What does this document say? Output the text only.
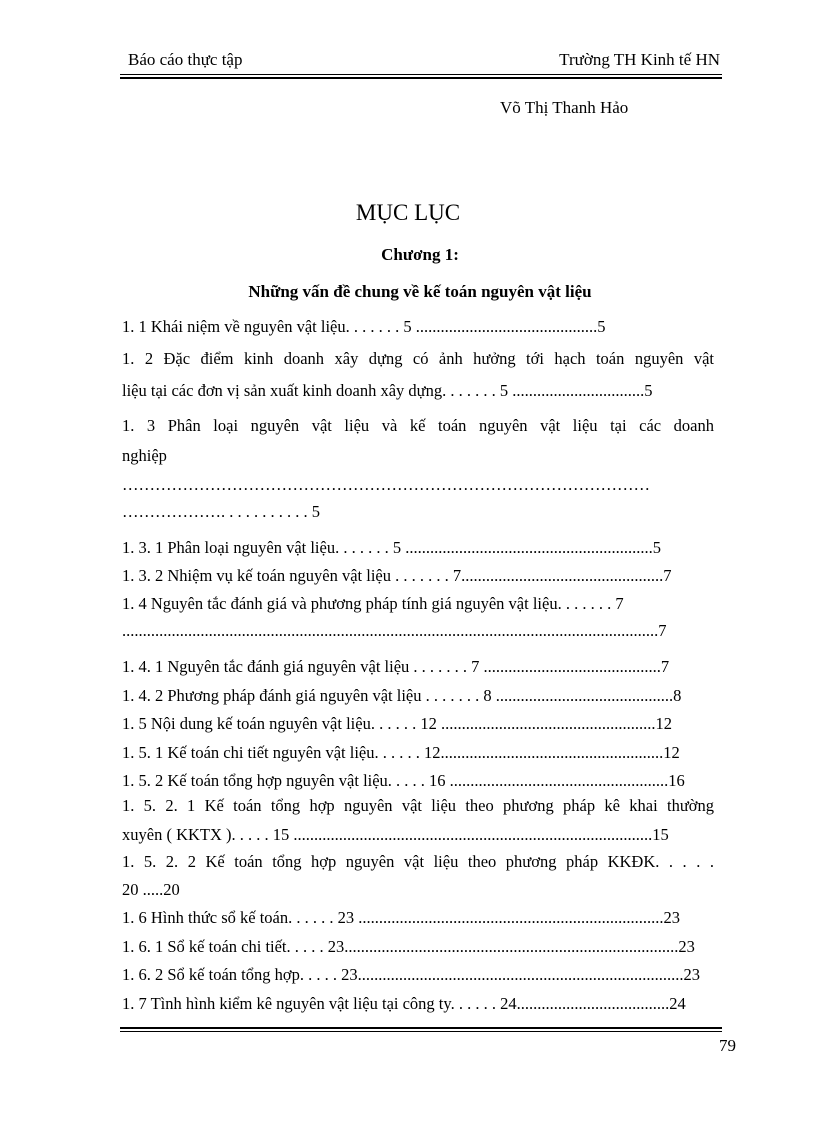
Báo cáo thực tập	Trường TH Kinh tế HN
Võ Thị Thanh Hảo
MỤC LỤC
Chương 1:
Những vấn đề chung về kế toán nguyên vật liệu
1. 1 Khái niệm về nguyên vật liệu. . . . . . . 5 ............................................5
1. 2 Đặc điểm kinh doanh xây dựng có ảnh hưởng tới hạch toán nguyên vật
liệu tại các đơn vị sản xuất kinh doanh xây dựng. . . . . . . 5 ................................5
1. 3 Phân loại nguyên vật liệu và kế toán nguyên vật liệu tại các doanh
nghiệp
……………………………………………………………………………………
………………. . . . . . . . . . . 5
1. 3. 1 Phân loại nguyên vật liệu. . . . . . . 5 ............................................................5
1. 3. 2 Nhiệm vụ kế toán nguyên vật liệu . . . . . . . 7.................................................7
1. 4 Nguyên tắc đánh giá và phương pháp tính giá nguyên vật liệu. . . . . . . 7
..................................................................................................................................7
1. 4. 1 Nguyên tắc đánh giá nguyên vật liệu . . . . . . . 7 ...........................................7
1. 4. 2 Phương pháp đánh giá nguyên vật liệu . . . . . . . 8 ...........................................8
1. 5 Nội dung kế toán nguyên vật liệu. . . . . . 12 ....................................................12
1. 5. 1 Kế toán chi tiết nguyên vật liệu. . . . . . 12......................................................12
1. 5. 2 Kế toán tổng hợp nguyên vật liệu. . . . . 16 .....................................................16
1. 5. 2. 1 Kế toán tổng hợp nguyên vật liệu theo phương pháp kê khai thường
xuyên ( KKTX ). . . . . 15 .......................................................................................15
1. 5. 2. 2 Kế toán tổng hợp nguyên vật liệu theo phương pháp KKĐK. . . . .
20 .....20
1. 6 Hình thức sổ kế toán. . . . . . 23 ..........................................................................23
1. 6. 1 Sổ kế toán chi tiết. . . . . 23.................................................................................23
1. 6. 2 Sổ kế toán tổng hợp. . . . . 23...............................................................................23
1. 7 Tình hình kiểm kê nguyên vật liệu tại công ty. . . . . . 24.....................................24
79
